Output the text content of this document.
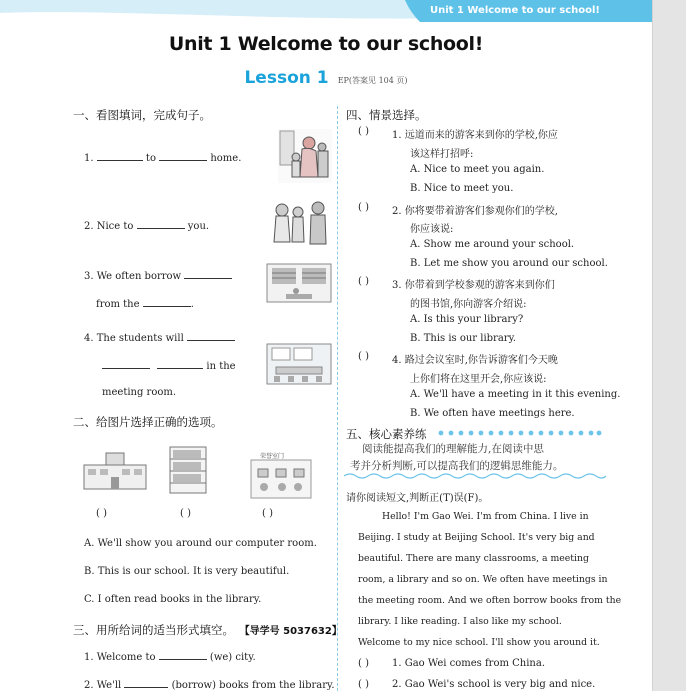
Unit 1 Welcome to our school!
Unit 1 Welcome to our school!
Lesson 1 EP(答案见 104 页)
一、看图填词，完成句子。
1.	to	home.
2. Nice to	you.
3. We often borrow
from the	.
4. The students will
in the
meeting room.
二、给图片选择正确的选项。
荣誉室门
( )	( )	( )
A. We'll show you around our computer room.
B. This is our school. It is very beautiful.
C. I often read books in the library.
三、用所给词的适当形式填空。 【导学号 5037632】
1. Welcome to	(we) city.
2. We'll	(borrow) books from the library.
四、情景选择。
( ) 1. 远道而来的游客来到你的学校,你应
该这样打招呼:
A. Nice to meet you again.
B. Nice to meet you.
( ) 2. 你将要带着游客们参观你们的学校,
你应该说:
A. Show me around your school.
B. Let me show you around our school.
( ) 3. 你带着到学校参观的游客来到你们
的图书馆,你向游客介绍说:
A. Is this your library?
B. This is our library.
( ) 4. 路过会议室时,你告诉游客们今天晚
上你们将在这里开会,你应该说:
A. We'll have a meeting in it this evening.
B. We often have meetings here.
五、核心素养练
阅读能提高我们的理解能力,在阅读中思
考并分析判断,可以提高我们的逻辑思维能力。
请你阅读短文,判断正(T)误(F)。
Hello! I'm Gao Wei. I'm from China. I live in
Beijing. I study at Beijing School. It's very big and
beautiful. There are many classrooms, a meeting
room, a library and so on. We often have meetings in
the meeting room. And we often borrow books from the
library. I like reading. I also like my school.
Welcome to my nice school. I'll show you around it.
( ) 1. Gao Wei comes from China.
( ) 2. Gao Wei's school is very big and nice.
